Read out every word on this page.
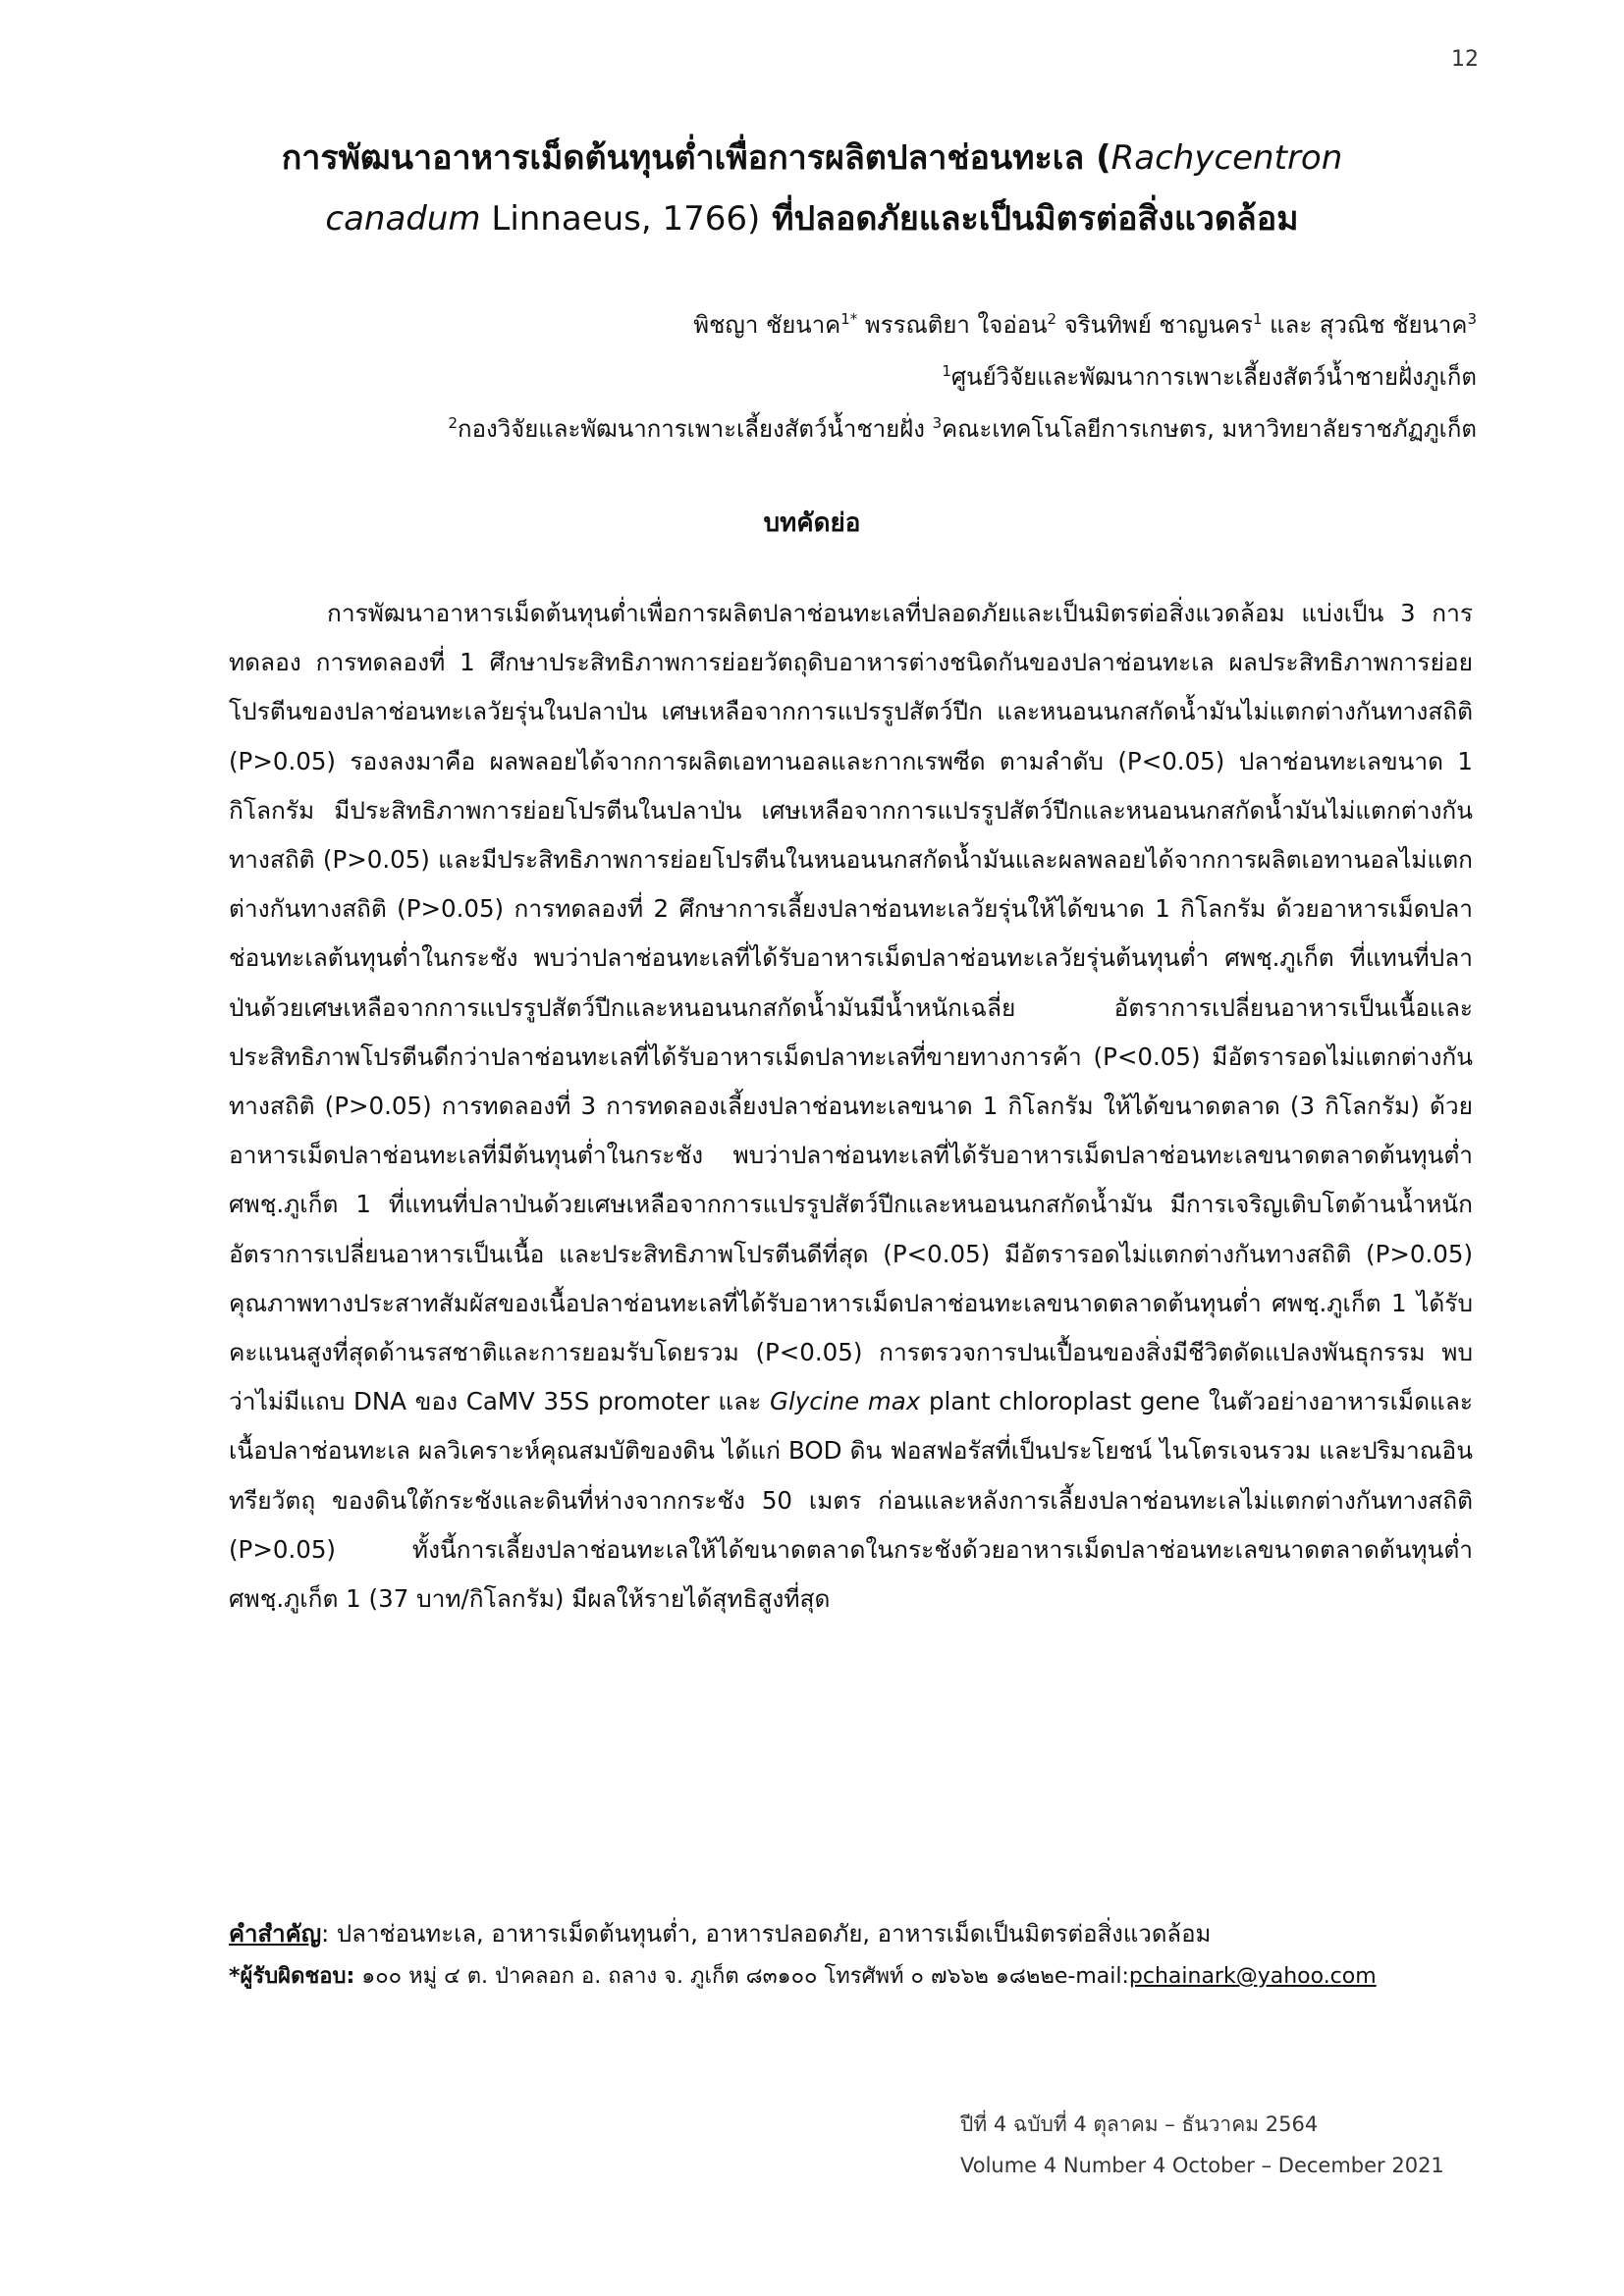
12
การพัฒนาอาหารเม็ดต้นทุนต่ำเพื่อการผลิตปลาช่อนทะเล (Rachycentron
canadum Linnaeus, 1766) ที่ปลอดภัยและเป็นมิตรต่อสิ่งแวดล้อม
พิชญา ชัยนาค$^{1*}$ พรรณติยา ใจอ่อน$^2$ จรินทิพย์ ชาญนคร$^1$ และ สุวณิช ชัยนาค$^3$
$^1$ศูนย์วิจัยและพัฒนาการเพาะเลี้ยงสัตว์น้ำชายฝั่งภูเก็ต
$^2$กองวิจัยและพัฒนาการเพาะเลี้ยงสัตว์น้ำชายฝั่ง $^3$คณะเทคโนโลยีการเกษตร, มหาวิทยาลัยราชภัฏภูเก็ต
บทคัดย่อ

การพัฒนาอาหารเม็ดต้นทุนต่ำเพื่อการผลิตปลาช่อนทะเลที่ปลอดภัยและเป็นมิตรต่อสิ่งแวดล้อม แบ่งเป็น 3 การทดลอง การทดลองที่ 1 ศึกษาประสิทธิภาพการย่อยวัตถุดิบอาหารต่างชนิดกันของปลาช่อนทะเล ผลประสิทธิภาพการย่อยโปรตีนของปลาช่อนทะเลวัยรุ่นในปลาป่น เศษเหลือจากการแปรรูปสัตว์ปีก และหนอนนกสกัดน้ำมันไม่แตกต่างกันทางสถิติ (P>0.05) รองลงมาคือ ผลพลอยได้จากการผลิตเอทานอลและกากเรพซีด ตามลำดับ (P<0.05) ปลาช่อนทะเลขนาด 1 กิโลกรัม มีประสิทธิภาพการย่อยโปรตีนในปลาป่น เศษเหลือจากการแปรรูปสัตว์ปีกและหนอนนกสกัดน้ำมันไม่แตกต่างกันทางสถิติ (P>0.05) และมีประสิทธิภาพการย่อยโปรตีนในหนอนนกสกัดน้ำมันและผลพลอยได้จากการผลิตเอทานอลไม่แตกต่างกันทางสถิติ (P>0.05) การทดลองที่ 2 ศึกษาการเลี้ยงปลาช่อนทะเลวัยรุ่นให้ได้ขนาด 1 กิโลกรัม ด้วยอาหารเม็ดปลาช่อนทะเลต้นทุนต่ำในกระชัง พบว่าปลาช่อนทะเลที่ได้รับอาหารเม็ดปลาช่อนทะเลวัยรุ่นต้นทุนต่ำ ศพชฺ.ภูเก็ต ที่แทนที่ปลาป่นด้วยเศษเหลือจากการแปรรูปสัตว์ปีกและหนอนนกสกัดน้ำมันมีน้ำหนักเฉลี่ย อัตราการเปลี่ยนอาหารเป็นเนื้อและประสิทธิภาพโปรตีนดีกว่าปลาช่อนทะเลที่ได้รับอาหารเม็ดปลาทะเลที่ขายทางการค้า (P<0.05) มีอัตรารอดไม่แตกต่างกันทางสถิติ (P>0.05) การทดลองที่ 3 การทดลองเลี้ยงปลาช่อนทะเลขนาด 1 กิโลกรัม ให้ได้ขนาดตลาด (3 กิโลกรัม) ด้วยอาหารเม็ดปลาช่อนทะเลที่มีต้นทุนต่ำในกระชัง พบว่าปลาช่อนทะเลที่ได้รับอาหารเม็ดปลาช่อนทะเลขนาดตลาดต้นทุนต่ำ ศพชฺ.ภูเก็ต 1 ที่แทนที่ปลาป่นด้วยเศษเหลือจากการแปรรูปสัตว์ปีกและหนอนนกสกัดน้ำมัน มีการเจริญเติบโตด้านน้ำหนัก อัตราการเปลี่ยนอาหารเป็นเนื้อ และประสิทธิภาพโปรตีนดีที่สุด (P<0.05) มีอัตรารอดไม่แตกต่างกันทางสถิติ (P>0.05) คุณภาพทางประสาทสัมผัสของเนื้อปลาช่อนทะเลที่ได้รับอาหารเม็ดปลาช่อนทะเลขนาดตลาดต้นทุนต่ำ ศพชฺ.ภูเก็ต 1 ได้รับคะแนนสูงที่สุดด้านรสชาติและการยอมรับโดยรวม (P<0.05) การตรวจการปนเปื้อนของสิ่งมีชีวิตดัดแปลงพันธุกรรม พบว่าไม่มีแถบ DNA ของ CaMV 35S promoter และ Glycine max plant chloroplast gene ในตัวอย่างอาหารเม็ดและเนื้อปลาช่อนทะเล ผลวิเคราะห์คุณสมบัติของดิน ได้แก่ BOD ดิน ฟอสฟอรัสที่เป็นประโยชน์ ไนโตรเจนรวม และปริมาณอินทรียวัตถุ ของดินใต้กระชังและดินที่ห่างจากกระชัง 50 เมตร ก่อนและหลังการเลี้ยงปลาช่อนทะเลไม่แตกต่างกันทางสถิติ (P>0.05) ทั้งนี้การเลี้ยงปลาช่อนทะเลให้ได้ขนาดตลาดในกระชังด้วยอาหารเม็ดปลาช่อนทะเลขนาดตลาดต้นทุนต่ำ ศพชฺ.ภูเก็ต 1 (37 บาท/กิโลกรัม) มีผลให้รายได้สุทธิสูงที่สุด

คำสำคัญ: ปลาช่อนทะเล, อาหารเม็ดต้นทุนต่ำ, อาหารปลอดภัย, อาหารเม็ดเป็นมิตรต่อสิ่งแวดล้อม
*ผู้รับผิดชอบ: ๑๐๐ หมู่ ๔ ต. ป่าคลอก อ. ถลาง จ. ภูเก็ต ๘๓๑๐๐ โทรศัพท์ ๐ ๗๖๖๒ ๑๘๒๒e-mail:pchainark@yahoo.com
ปีที่ 4 ฉบับที่ 4 ตุลาคม – ธันวาคม 2564
Volume 4 Number 4 October – December 2021
